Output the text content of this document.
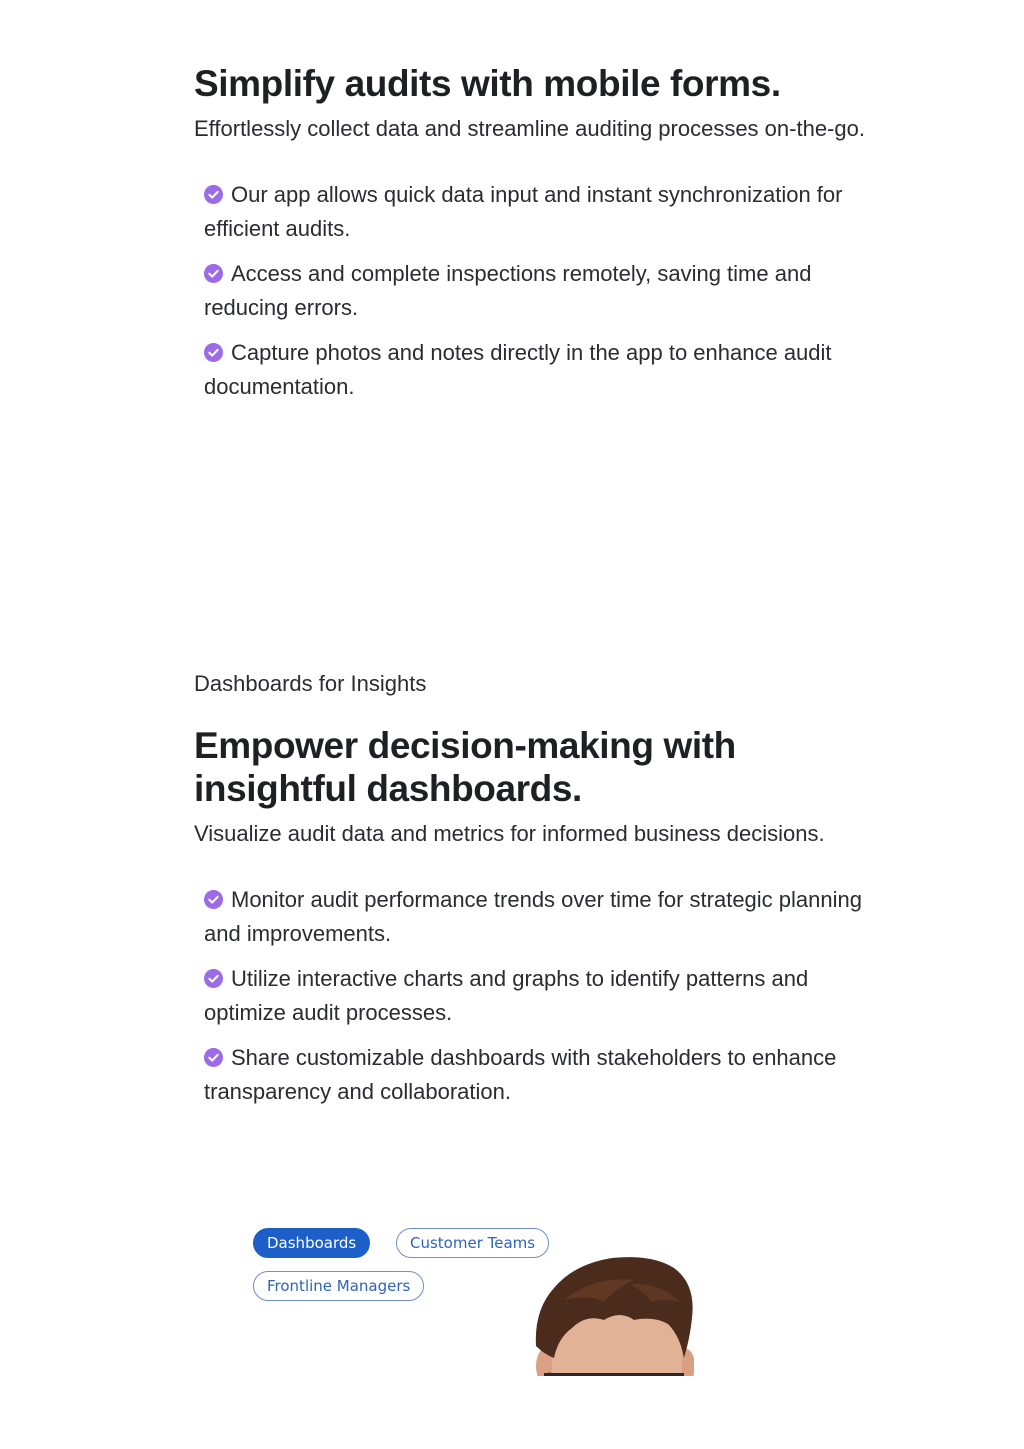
Simplify audits with mobile forms.

Effortlessly collect data and streamline auditing processes on-the-go.

Our app allows quick data input and instant synchronization for efficient audits.
Access and complete inspections remotely, saving time and reducing errors.
Capture photos and notes directly in the app to enhance audit documentation.
Dashboards for Insights
Empower decision-making with insightful dashboards.

Visualize audit data and metrics for informed business decisions.

Monitor audit performance trends over time for strategic planning and improvements.
Utilize interactive charts and graphs to identify patterns and optimize audit processes.
Share customizable dashboards with stakeholders to enhance transparency and collaboration.
Dashboards	Customer Teams
Frontline Managers
